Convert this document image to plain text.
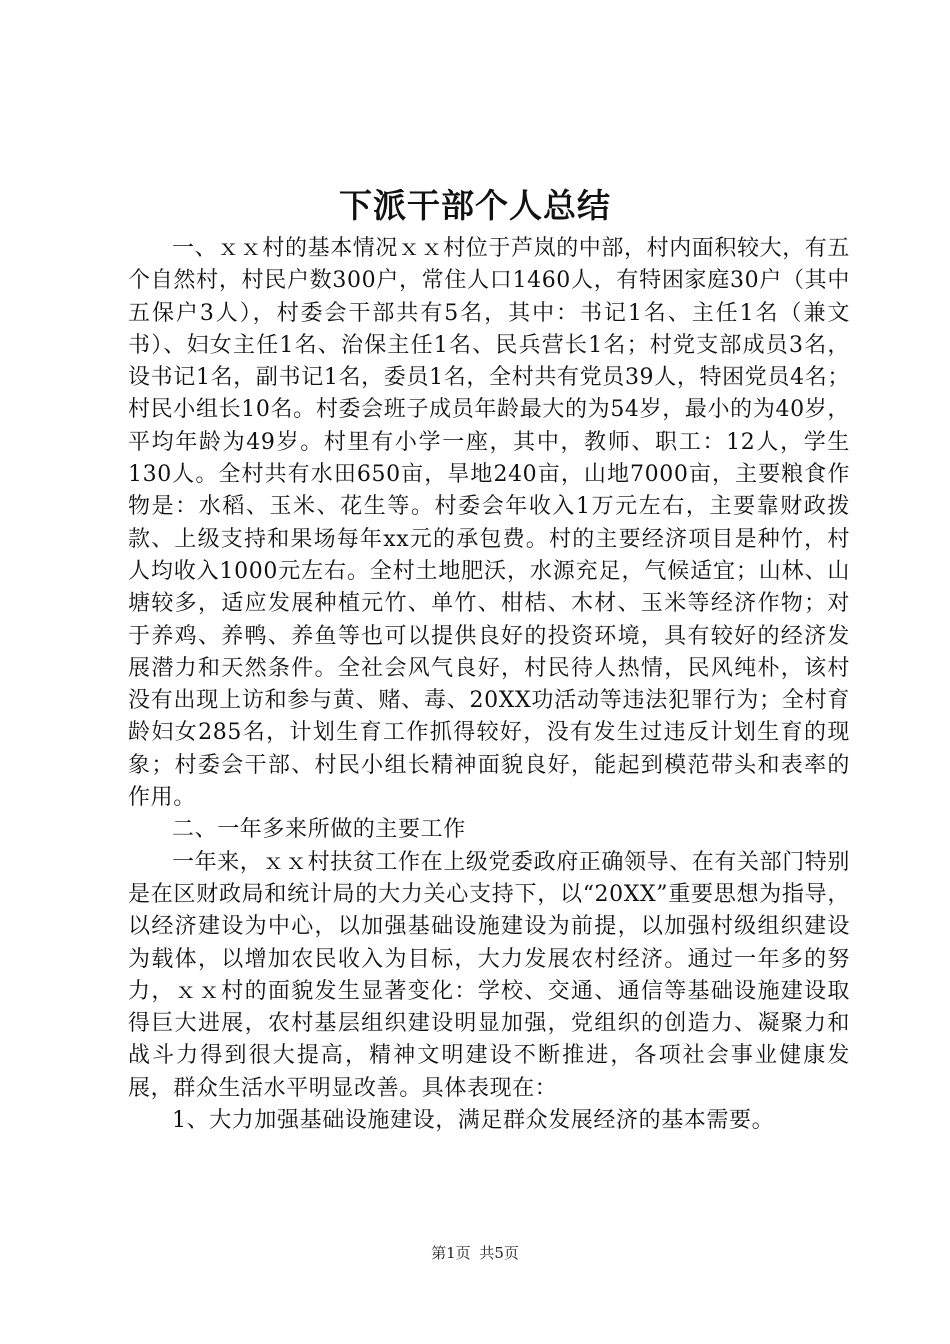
下派干部个人总结

一、ｘｘ村的基本情况ｘｘ村位于芦岚的中部，村内面积较大，有五个自然村，村民户数300户，常住人口1460人，有特困家庭30户（其中五保户3人），村委会干部共有5名，其中：书记1名、主任1名（兼文书）、妇女主任1名、治保主任1名、民兵营长1名；村党支部成员3名，设书记1名，副书记1名，委员1名，全村共有党员39人，特困党员4名；村民小组长10名。村委会班子成员年龄最大的为54岁，最小的为40岁，平均年龄为49岁。村里有小学一座，其中，教师、职工：12人，学生130人。全村共有水田650亩，旱地240亩，山地7000亩，主要粮食作物是：水稻、玉米、花生等。村委会年收入1万元左右，主要靠财政拨款、上级支持和果场每年xx元的承包费。村的主要经济项目是种竹，村人均收入1000元左右。全村土地肥沃，水源充足，气候适宜；山林、山塘较多，适应发展种植元竹、单竹、柑桔、木材、玉米等经济作物；对于养鸡、养鸭、养鱼等也可以提供良好的投资环境，具有较好的经济发展潜力和天然条件。全社会风气良好，村民待人热情，民风纯朴，该村没有出现上访和参与黄、赌、毒、20XX功活动等违法犯罪行为；全村育龄妇女285名，计划生育工作抓得较好，没有发生过违反计划生育的现象；村委会干部、村民小组长精神面貌良好，能起到模范带头和表率的作用。

二、一年多来所做的主要工作

一年来，ｘｘ村扶贫工作在上级党委政府正确领导、在有关部门特别是在区财政局和统计局的大力关心支持下，以“20XX”重要思想为指导，以经济建设为中心，以加强基础设施建设为前提，以加强村级组织建设为载体，以增加农民收入为目标，大力发展农村经济。通过一年多的努力，ｘｘ村的面貌发生显著变化：学校、交通、通信等基础设施建设取得巨大进展，农村基层组织建设明显加强，党组织的创造力、凝聚力和战斗力得到很大提高，精神文明建设不断推进，各项社会事业健康发展，群众生活水平明显改善。具体表现在：

1、大力加强基础设施建设，满足群众发展经济的基本需要。

第1页 共5页
